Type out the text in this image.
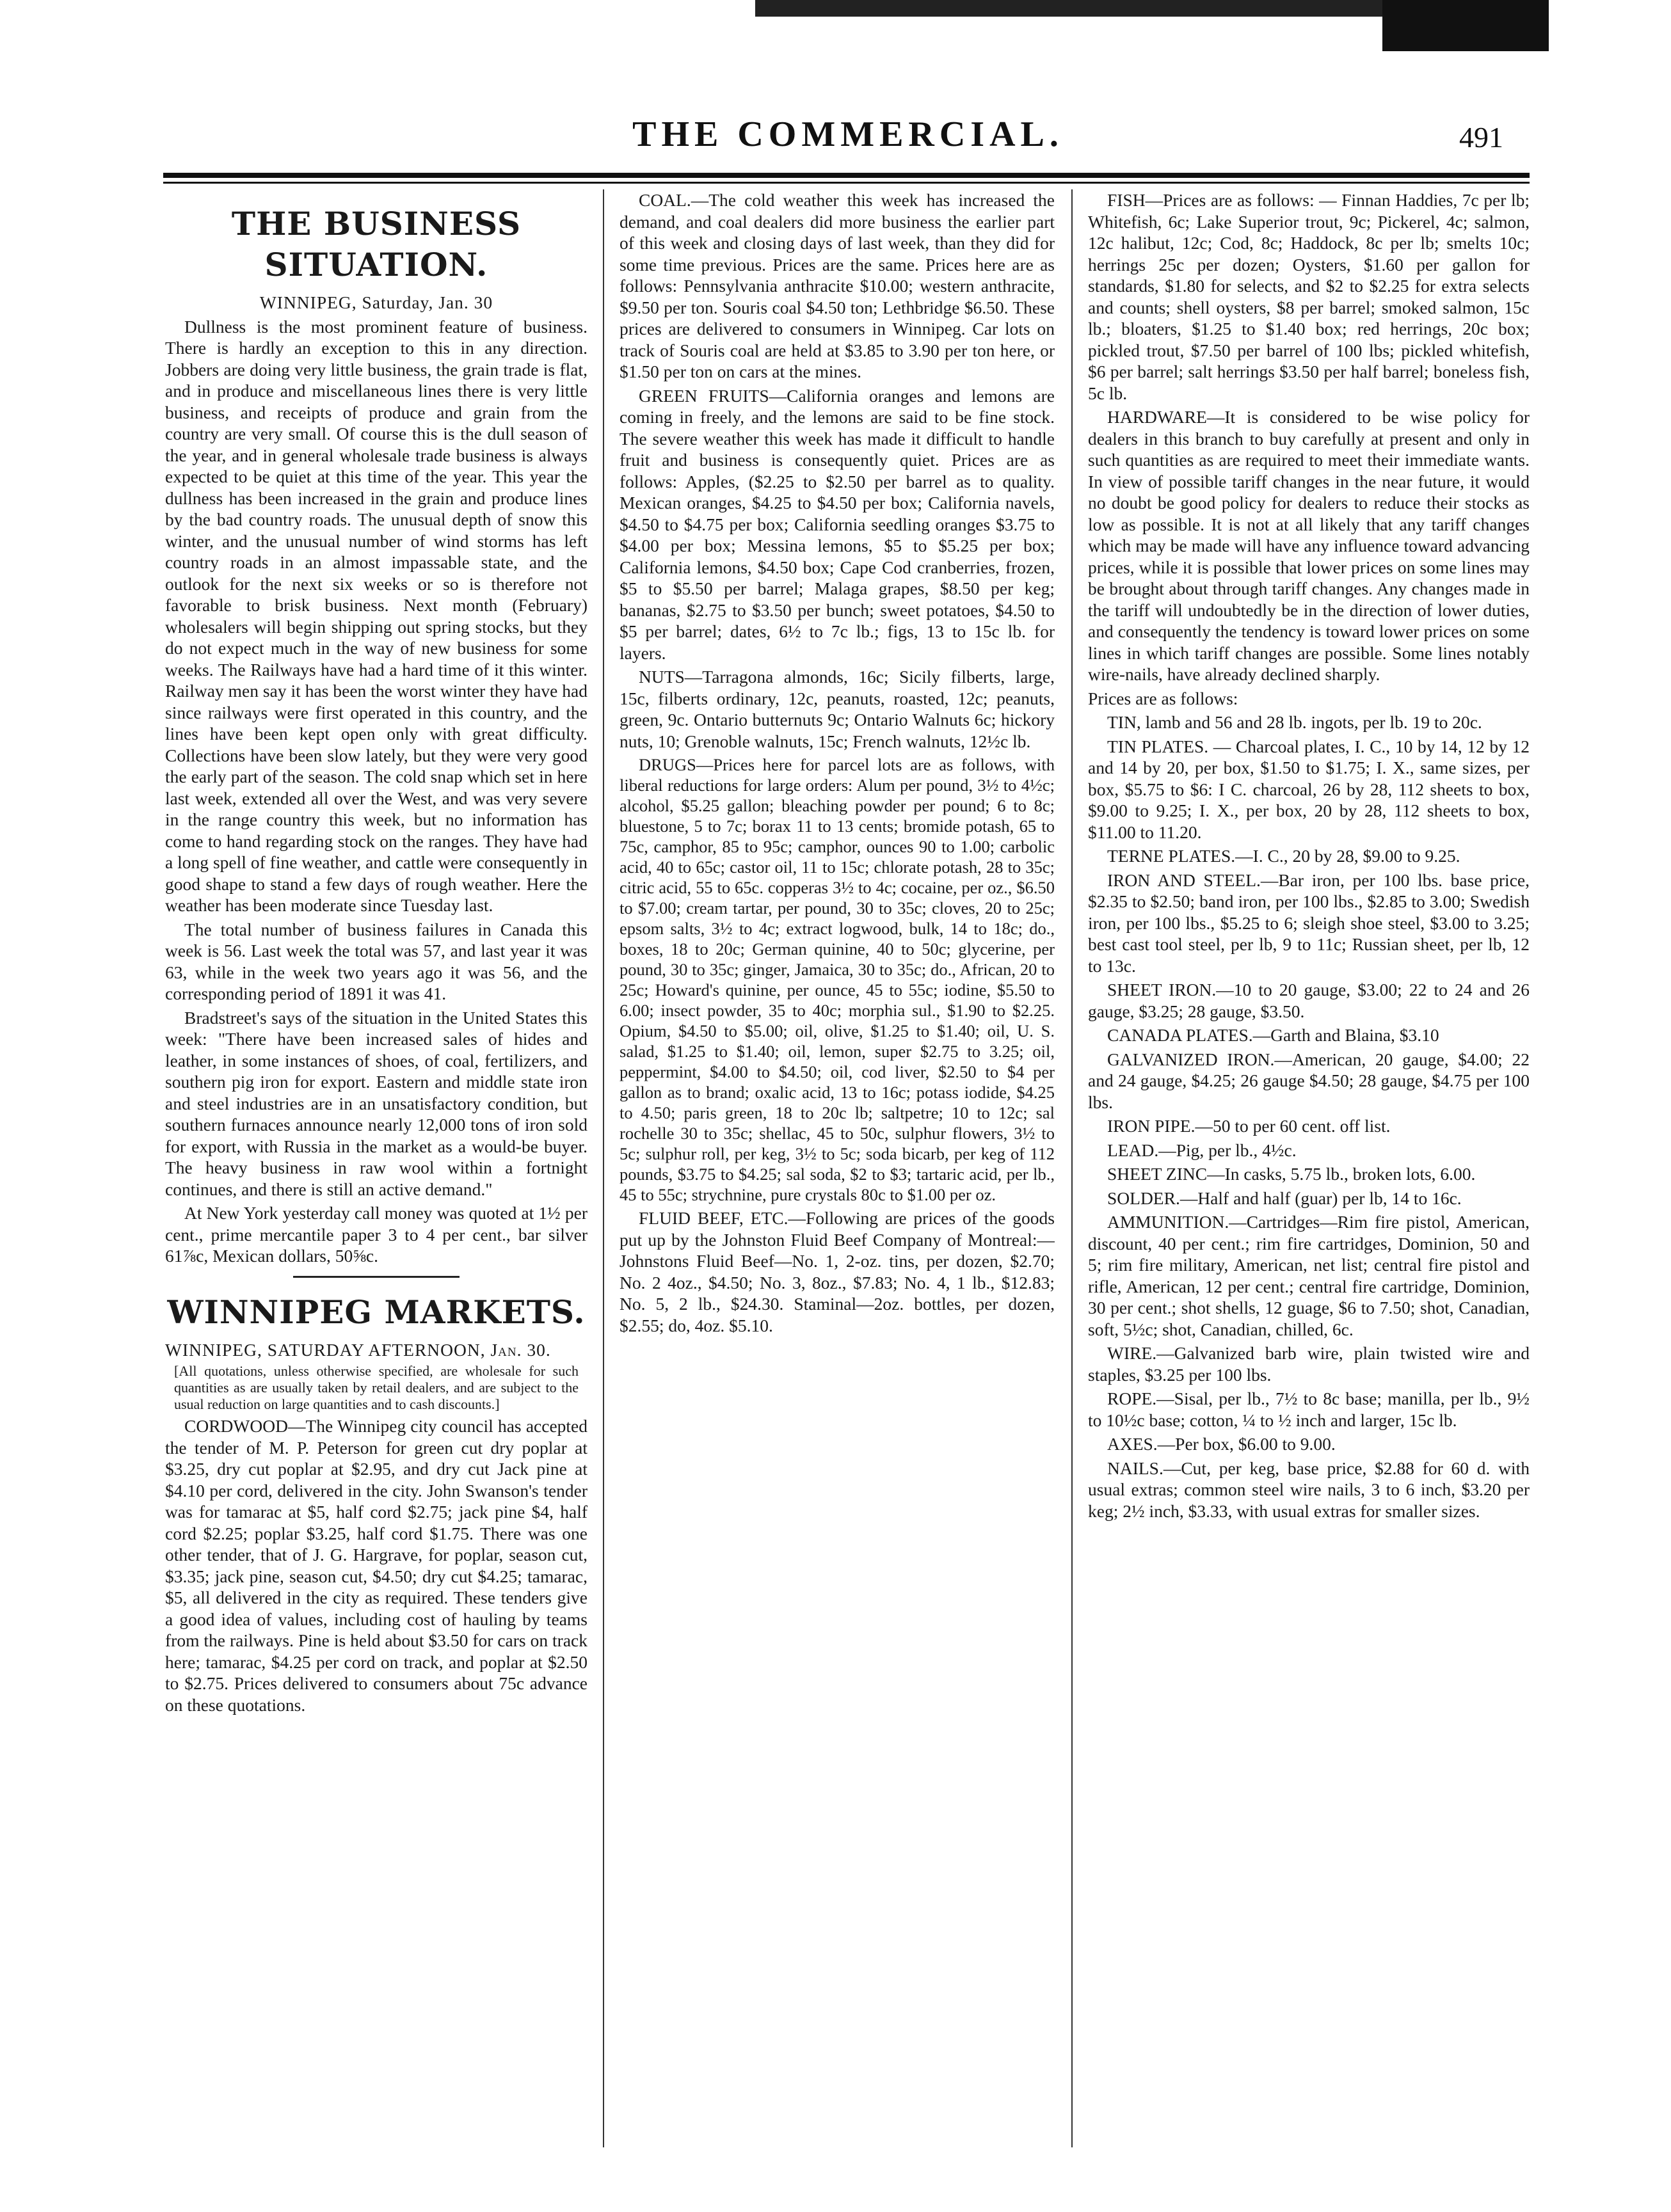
THE COMMERCIAL.	491
THE BUSINESS SITUATION.

WINNIPEG, Saturday, Jan. 30

Dullness is the most prominent feature of business. There is hardly an exception to this in any direction. Jobbers are doing very little business, the grain trade is flat, and in produce and miscellaneous lines there is very little business, and receipts of produce and grain from the country are very small. Of course this is the dull season of the year, and in general wholesale trade business is always expected to be quiet at this time of the year. This year the dullness has been increased in the grain and produce lines by the bad country roads. The unusual depth of snow this winter, and the unusual number of wind storms has left country roads in an almost impassable state, and the outlook for the next six weeks or so is therefore not favorable to brisk business. Next month (February) wholesalers will begin shipping out spring stocks, but they do not expect much in the way of new business for some weeks. The Railways have had a hard time of it this winter. Railway men say it has been the worst winter they have had since railways were first operated in this country, and the lines have been kept open only with great difficulty. Collections have been slow lately, but they were very good the early part of the season. The cold snap which set in here last week, extended all over the West, and was very severe in the range country this week, but no information has come to hand regarding stock on the ranges. They have had a long spell of fine weather, and cattle were consequently in good shape to stand a few days of rough weather. Here the weather has been moderate since Tuesday last.

The total number of business failures in Canada this week is 56. Last week the total was 57, and last year it was 63, while in the week two years ago it was 56, and the corresponding period of 1891 it was 41.

Bradstreet's says of the situation in the United States this week: "There have been increased sales of hides and leather, in some instances of shoes, of coal, fertilizers, and southern pig iron for export. Eastern and middle state iron and steel industries are in an unsatisfactory condition, but southern furnaces announce nearly 12,000 tons of iron sold for export, with Russia in the market as a would-be buyer. The heavy business in raw wool within a fortnight continues, and there is still an active demand."

At New York yesterday call money was quoted at 1½ per cent., prime mercantile paper 3 to 4 per cent., bar silver 61⅞c, Mexican dollars, 50⅝c.

WINNIPEG MARKETS.

WINNIPEG, SATURDAY AFTERNOON, Jan. 30.

[All quotations, unless otherwise specified, are wholesale for such quantities as are usually taken by retail dealers, and are subject to the usual reduction on large quantities and to cash discounts.]

CORDWOOD—The Winnipeg city council has accepted the tender of M. P. Peterson for green cut dry poplar at $3.25, dry cut poplar at $2.95, and dry cut Jack pine at $4.10 per cord, delivered in the city. John Swanson's tender was for tamarac at $5, half cord $2.75; jack pine $4, half cord $2.25; poplar $3.25, half cord $1.75. There was one other tender, that of J. G. Hargrave, for poplar, season cut, $3.35; jack pine, season cut, $4.50; dry cut $4.25; tamarac, $5, all delivered in the city as required. These tenders give a good idea of values, including cost of hauling by teams from the railways. Pine is held about $3.50 for cars on track here; tamarac, $4.25 per cord on track, and poplar at $2.50 to $2.75. Prices delivered to consumers about 75c advance on these quotations.

COAL.—The cold weather this week has increased the demand, and coal dealers did more business the earlier part of this week and closing days of last week, than they did for some time previous. Prices are the same. Prices here are as follows: Pennsylvania anthracite $10.00; western anthracite, $9.50 per ton. Souris coal $4.50 ton; Lethbridge $6.50. These prices are delivered to consumers in Winnipeg. Car lots on track of Souris coal are held at $3.85 to 3.90 per ton here, or $1.50 per ton on cars at the mines.

GREEN FRUITS—California oranges and lemons are coming in freely, and the lemons are said to be fine stock. The severe weather this week has made it difficult to handle fruit and business is consequently quiet. Prices are as follows: Apples, ($2.25 to $2.50 per barrel as to quality. Mexican oranges, $4.25 to $4.50 per box; California navels, $4.50 to $4.75 per box; California seedling oranges $3.75 to $4.00 per box; Messina lemons, $5 to $5.25 per box; California lemons, $4.50 box; Cape Cod cranberries, frozen, $5 to $5.50 per barrel; Malaga grapes, $8.50 per keg; bananas, $2.75 to $3.50 per bunch; sweet potatoes, $4.50 to $5 per barrel; dates, 6½ to 7c lb.; figs, 13 to 15c lb. for layers.

NUTS—Tarragona almonds, 16c; Sicily filberts, large, 15c, filberts ordinary, 12c, peanuts, roasted, 12c; peanuts, green, 9c. Ontario butternuts 9c; Ontario Walnuts 6c; hickory nuts, 10; Grenoble walnuts, 15c; French walnuts, 12½c lb.

DRUGS—Prices here for parcel lots are as follows, with liberal reductions for large orders: Alum per pound, 3½ to 4½c; alcohol, $5.25 gallon; bleaching powder per pound; 6 to 8c; bluestone, 5 to 7c; borax 11 to 13 cents; bromide potash, 65 to 75c, camphor, 85 to 95c; camphor, ounces 90 to 1.00; carbolic acid, 40 to 65c; castor oil, 11 to 15c; chlorate potash, 28 to 35c; citric acid, 55 to 65c. copperas 3½ to 4c; cocaine, per oz., $6.50 to $7.00; cream tartar, per pound, 30 to 35c; cloves, 20 to 25c; epsom salts, 3½ to 4c; extract logwood, bulk, 14 to 18c; do., boxes, 18 to 20c; German quinine, 40 to 50c; glycerine, per pound, 30 to 35c; ginger, Jamaica, 30 to 35c; do., African, 20 to 25c; Howard's quinine, per ounce, 45 to 55c; iodine, $5.50 to 6.00; insect powder, 35 to 40c; morphia sul., $1.90 to $2.25. Opium, $4.50 to $5.00; oil, olive, $1.25 to $1.40; oil, U. S. salad, $1.25 to $1.40; oil, lemon, super $2.75 to 3.25; oil, peppermint, $4.00 to $4.50; oil, cod liver, $2.50 to $4 per gallon as to brand; oxalic acid, 13 to 16c; potass iodide, $4.25 to 4.50; paris green, 18 to 20c lb; saltpetre; 10 to 12c; sal rochelle 30 to 35c; shellac, 45 to 50c, sulphur flowers, 3½ to 5c; sulphur roll, per keg, 3½ to 5c; soda bicarb, per keg of 112 pounds, $3.75 to $4.25; sal soda, $2 to $3; tartaric acid, per lb., 45 to 55c; strychnine, pure crystals 80c to $1.00 per oz.

FLUID BEEF, ETC.—Following are prices of the goods put up by the Johnston Fluid Beef Company of Montreal:—Johnstons Fluid Beef—No. 1, 2-oz. tins, per dozen, $2.70; No. 2 4oz., $4.50; No. 3, 8oz., $7.83; No. 4, 1 lb., $12.83; No. 5, 2 lb., $24.30. Staminal—2oz. bottles, per dozen, $2.55; do, 4oz. $5.10.

FISH—Prices are as follows: — Finnan Haddies, 7c per lb; Whitefish, 6c; Lake Superior trout, 9c; Pickerel, 4c; salmon, 12c halibut, 12c; Cod, 8c; Haddock, 8c per lb; smelts 10c; herrings 25c per dozen; Oysters, $1.60 per gallon for standards, $1.80 for selects, and $2 to $2.25 for extra selects and counts; shell oysters, $8 per barrel; smoked salmon, 15c lb.; bloaters, $1.25 to $1.40 box; red herrings, 20c box; pickled trout, $7.50 per barrel of 100 lbs; pickled whitefish, $6 per barrel; salt herrings $3.50 per half barrel; boneless fish, 5c lb.

HARDWARE—It is considered to be wise policy for dealers in this branch to buy carefully at present and only in such quantities as are required to meet their immediate wants. In view of possible tariff changes in the near future, it would no doubt be good policy for dealers to reduce their stocks as low as possible. It is not at all likely that any tariff changes which may be made will have any influence toward advancing prices, while it is possible that lower prices on some lines may be brought about through tariff changes. Any changes made in the tariff will undoubtedly be in the direction of lower duties, and consequently the tendency is toward lower prices on some lines in which tariff changes are possible. Some lines notably wire-nails, have already declined sharply.

Prices are as follows:

TIN, lamb and 56 and 28 lb. ingots, per lb. 19 to 20c.

TIN PLATES. — Charcoal plates, I. C., 10 by 14, 12 by 12 and 14 by 20, per box, $1.50 to $1.75; I. X., same sizes, per box, $5.75 to $6: I C. charcoal, 26 by 28, 112 sheets to box, $9.00 to 9.25; I. X., per box, 20 by 28, 112 sheets to box, $11.00 to 11.20.

TERNE PLATES.—I. C., 20 by 28, $9.00 to 9.25.

IRON AND STEEL.—Bar iron, per 100 lbs. base price, $2.35 to $2.50; band iron, per 100 lbs., $2.85 to 3.00; Swedish iron, per 100 lbs., $5.25 to 6; sleigh shoe steel, $3.00 to 3.25; best cast tool steel, per lb, 9 to 11c; Russian sheet, per lb, 12 to 13c.

SHEET IRON.—10 to 20 gauge, $3.00; 22 to 24 and 26 gauge, $3.25; 28 gauge, $3.50.

CANADA PLATES.—Garth and Blaina, $3.10

GALVANIZED IRON.—American, 20 gauge, $4.00; 22 and 24 gauge, $4.25; 26 gauge $4.50; 28 gauge, $4.75 per 100 lbs.

IRON PIPE.—50 to per 60 cent. off list.

LEAD.—Pig, per lb., 4½c.

SHEET ZINC—In casks, 5.75 lb., broken lots, 6.00.

SOLDER.—Half and half (guar) per lb, 14 to 16c.

AMMUNITION.—Cartridges—Rim fire pistol, American, discount, 40 per cent.; rim fire cartridges, Dominion, 50 and 5; rim fire military, American, net list; central fire pistol and rifle, American, 12 per cent.; central fire cartridge, Dominion, 30 per cent.; shot shells, 12 guage, $6 to 7.50; shot, Canadian, soft, 5½c; shot, Canadian, chilled, 6c.

WIRE.—Galvanized barb wire, plain twisted wire and staples, $3.25 per 100 lbs.

ROPE.—Sisal, per lb., 7½ to 8c base; manilla, per lb., 9½ to 10½c base; cotton, ¼ to ½ inch and larger, 15c lb.

AXES.—Per box, $6.00 to 9.00.

NAILS.—Cut, per keg, base price, $2.88 for 60 d. with usual extras; common steel wire nails, 3 to 6 inch, $3.20 per keg; 2½ inch, $3.33, with usual extras for smaller sizes.
